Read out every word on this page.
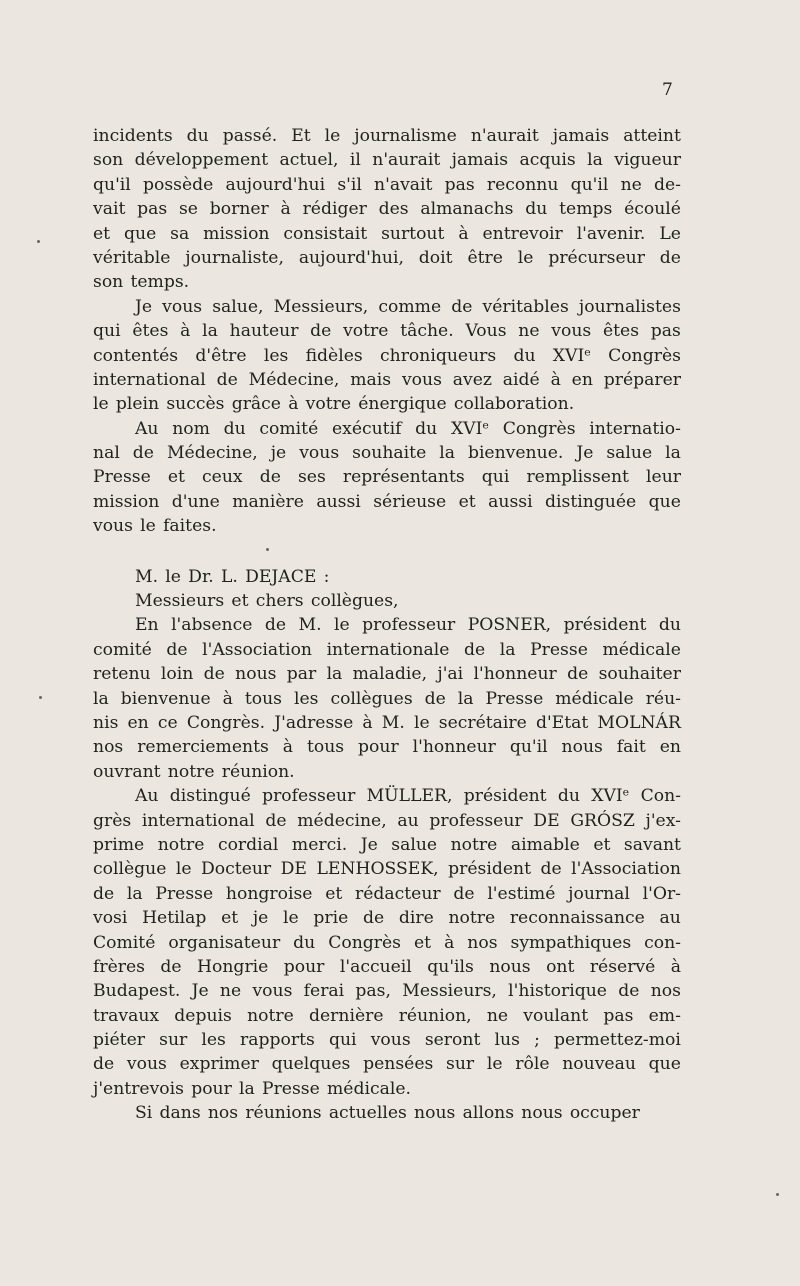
7
incidents du passé. Et le journalisme n'aurait jamais atteint
son développement actuel, il n'aurait jamais acquis la vigueur
qu'il possède aujourd'hui s'il n'avait pas reconnu qu'il ne de-
vait pas se borner à rédiger des almanachs du temps écoulé
et que sa mission consistait surtout à entrevoir l'avenir. Le
véritable journaliste, aujourd'hui, doit être le précurseur de
son temps.
Je vous salue, Messieurs, comme de véritables journalistes
qui êtes à la hauteur de votre tâche. Vous ne vous êtes pas
contentés d'être les fidèles chroniqueurs du XVIᵉ Congrès
international de Médecine, mais vous avez aidé à en préparer
le plein succès grâce à votre énergique collaboration.
Au nom du comité exécutif du XVIᵉ Congrès internatio-
nal de Médecine, je vous souhaite la bienvenue. Je salue la
Presse et ceux de ses représentants qui remplissent leur
mission d'une manière aussi sérieuse et aussi distinguée que
vous le faites.
M. le Dr. L. DEJACE :
Messieurs et chers collègues,
En l'absence de M. le professeur POSNER, président du
comité de l'Association internationale de la Presse médicale
retenu loin de nous par la maladie, j'ai l'honneur de souhaiter
la bienvenue à tous les collègues de la Presse médicale réu-
nis en ce Congrès. J'adresse à M. le secrétaire d'Etat MOLNÁR
nos remerciements à tous pour l'honneur qu'il nous fait en
ouvrant notre réunion.
Au distingué professeur MÜLLER, président du XVIᵉ Con-
grès international de médecine, au professeur DE GRÓSZ j'ex-
prime notre cordial merci. Je salue notre aimable et savant
collègue le Docteur DE LENHOSSEK, président de l'Association
de la Presse hongroise et rédacteur de l'estimé journal l'Or-
vosi Hetilap et je le prie de dire notre reconnaissance au
Comité organisateur du Congrès et à nos sympathiques con-
frères de Hongrie pour l'accueil qu'ils nous ont réservé à
Budapest. Je ne vous ferai pas, Messieurs, l'historique de nos
travaux depuis notre dernière réunion, ne voulant pas em-
piéter sur les rapports qui vous seront lus ; permettez-moi
de vous exprimer quelques pensées sur le rôle nouveau que
j'entrevois pour la Presse médicale.
Si dans nos réunions actuelles nous allons nous occuper
